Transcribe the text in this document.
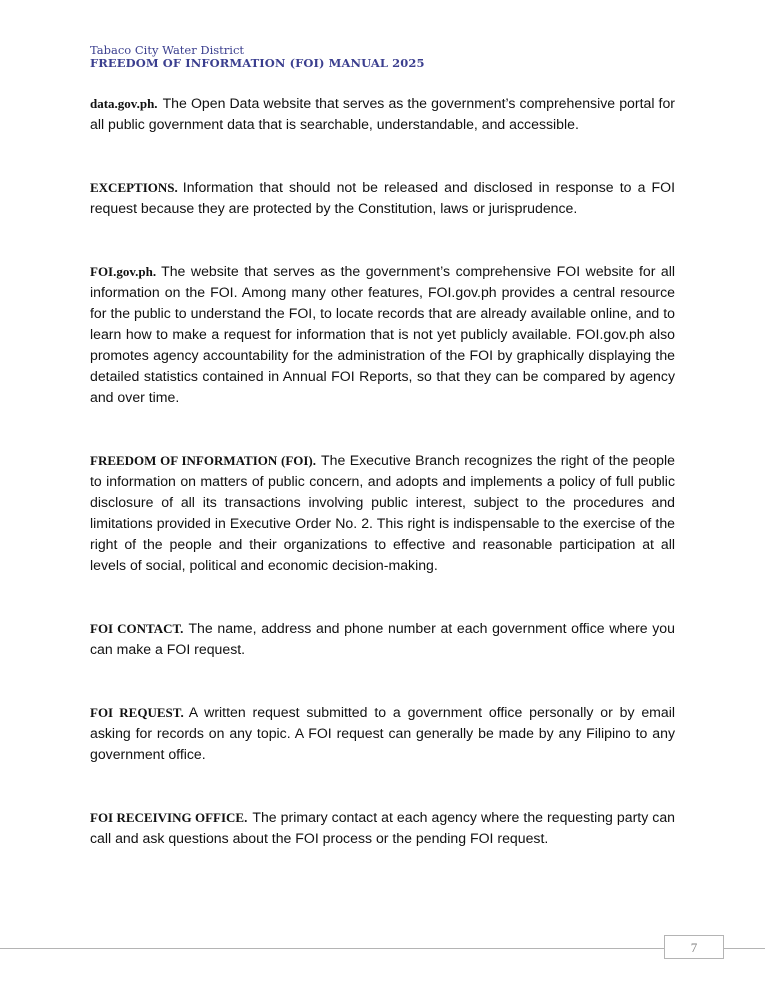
Tabaco City Water District
FREEDOM OF INFORMATION (FOI) MANUAL 2025

data.gov.ph. The Open Data website that serves as the government’s comprehensive portal for all public government data that is searchable, understandable, and accessible.

EXCEPTIONS. Information that should not be released and disclosed in response to a FOI request because they are protected by the Constitution, laws or jurisprudence.

FOI.gov.ph. The website that serves as the government’s comprehensive FOI website for all information on the FOI. Among many other features, FOI.gov.ph provides a central resource for the public to understand the FOI, to locate records that are already available online, and to learn how to make a request for information that is not yet publicly available. FOI.gov.ph also promotes agency accountability for the administration of the FOI by graphically displaying the detailed statistics contained in Annual FOI Reports, so that they can be compared by agency and over time.

FREEDOM OF INFORMATION (FOI). The Executive Branch recognizes the right of the people to information on matters of public concern, and adopts and implements a policy of full public disclosure of all its transactions involving public interest, subject to the procedures and limitations provided in Executive Order No. 2. This right is indispensable to the exercise of the right of the people and their organizations to effective and reasonable participation at all levels of social, political and economic decision-making.

FOI CONTACT. The name, address and phone number at each government office where you can make a FOI request.

FOI REQUEST. A written request submitted to a government office personally or by email asking for records on any topic. A FOI request can generally be made by any Filipino to any government office.

FOI RECEIVING OFFICE. The primary contact at each agency where the requesting party can call and ask questions about the FOI process or the pending FOI request.

7
